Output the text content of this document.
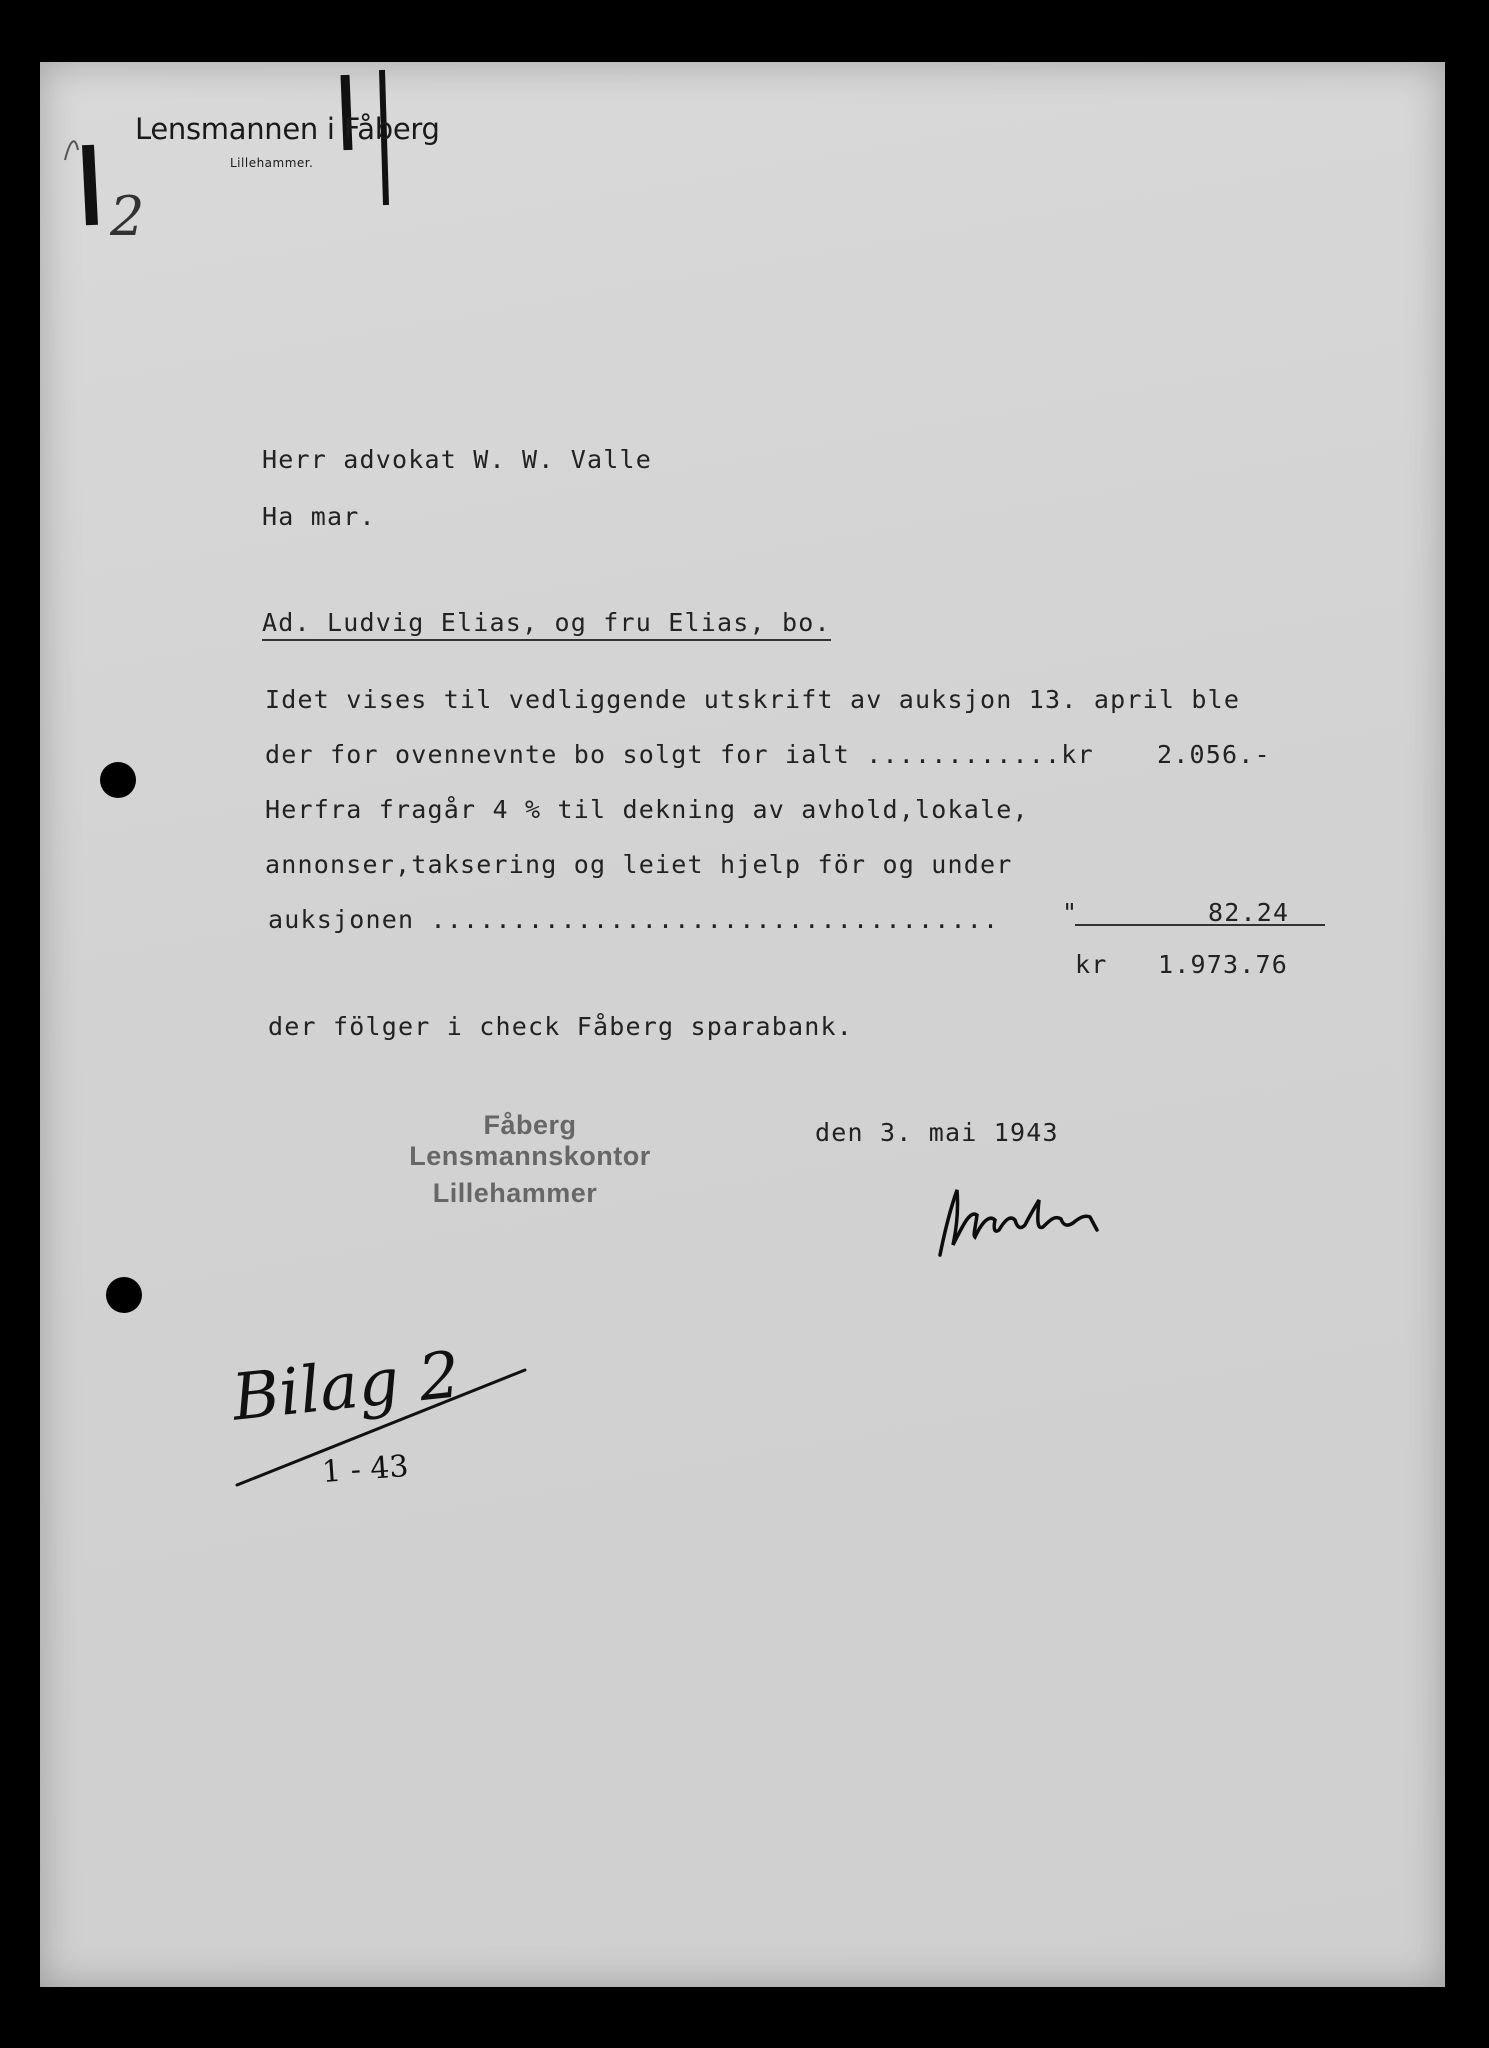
Lensmannen i Fåberg
Lillehammer.
2
Herr advokat W. W. Valle
Ha mar.
Ad. Ludvig Elias, og fru Elias, bo.
Idet vises til vedliggende utskrift av auksjon 13. april ble
der for ovennevnte bo solgt for ialt ............kr	2.056.-
Herfra fragår 4 % til dekning av avhold,lokale,
annonser,taksering og leiet hjelp för og under
auksjonen ...................................	"	82.24
kr 1.973.76
der fölger i check Fåberg sparabank.
Fåberg Lensmannskontor
Lillehammer
den 3. mai 1943
Bilag 2
1 - 43
